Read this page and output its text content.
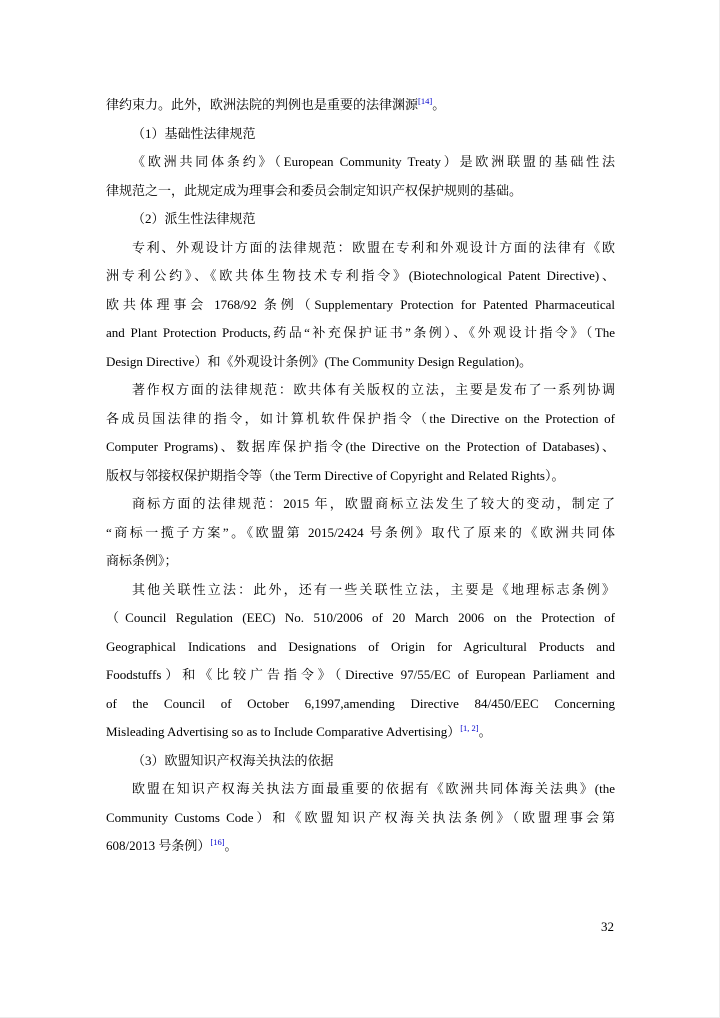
律约束力。此外，欧洲法院的判例也是重要的法律渊源[14]。
（1）基础性法律规范
《欧洲共同体条约》（European Community Treaty）是欧洲联盟的基础性法
律规范之一，此规定成为理事会和委员会制定知识产权保护规则的基础。
（2）派生性法律规范
专利、外观设计方面的法律规范：欧盟在专利和外观设计方面的法律有《欧
洲专利公约》、《欧共体生物技术专利指令》(Biotechnological Patent Directive)、
欧共体理事会 1768/92 条例（Supplementary Protection for Patented Pharmaceutical
and Plant Protection Products,药品“补充保护证书”条例）、《外观设计指令》（The
Design Directive）和《外观设计条例》(The Community Design Regulation)。
著作权方面的法律规范：欧共体有关版权的立法，主要是发布了一系列协调
各成员国法律的指令，如计算机软件保护指令（the Directive on the Protection of
Computer Programs)、数据库保护指令(the Directive on the Protection of Databases)、
版权与邻接权保护期指令等（the Term Directive of Copyright and Related Rights）。
商标方面的法律规范：2015 年，欧盟商标立法发生了较大的变动，制定了
“商标一揽子方案”。《欧盟第 2015/2424 号条例》取代了原来的《欧洲共同体
商标条例》；
其他关联性立法：此外，还有一些关联性立法，主要是《地理标志条例》
（Council Regulation (EEC) No. 510/2006 of 20 March 2006 on the Protection of
Geographical Indications and Designations of Origin for Agricultural Products and
Foodstuffs）和《比较广告指令》（Directive 97/55/EC of European Parliament and
of the Council of October 6,1997,amending Directive 84/450/EEC Concerning
Misleading Advertising so as to Include Comparative Advertising）[1, 2]。
（3）欧盟知识产权海关执法的依据
欧盟在知识产权海关执法方面最重要的依据有《欧洲共同体海关法典》(the
Community Customs Code）和《欧盟知识产权海关执法条例》（欧盟理事会第
608/2013 号条例）[16]。
32
